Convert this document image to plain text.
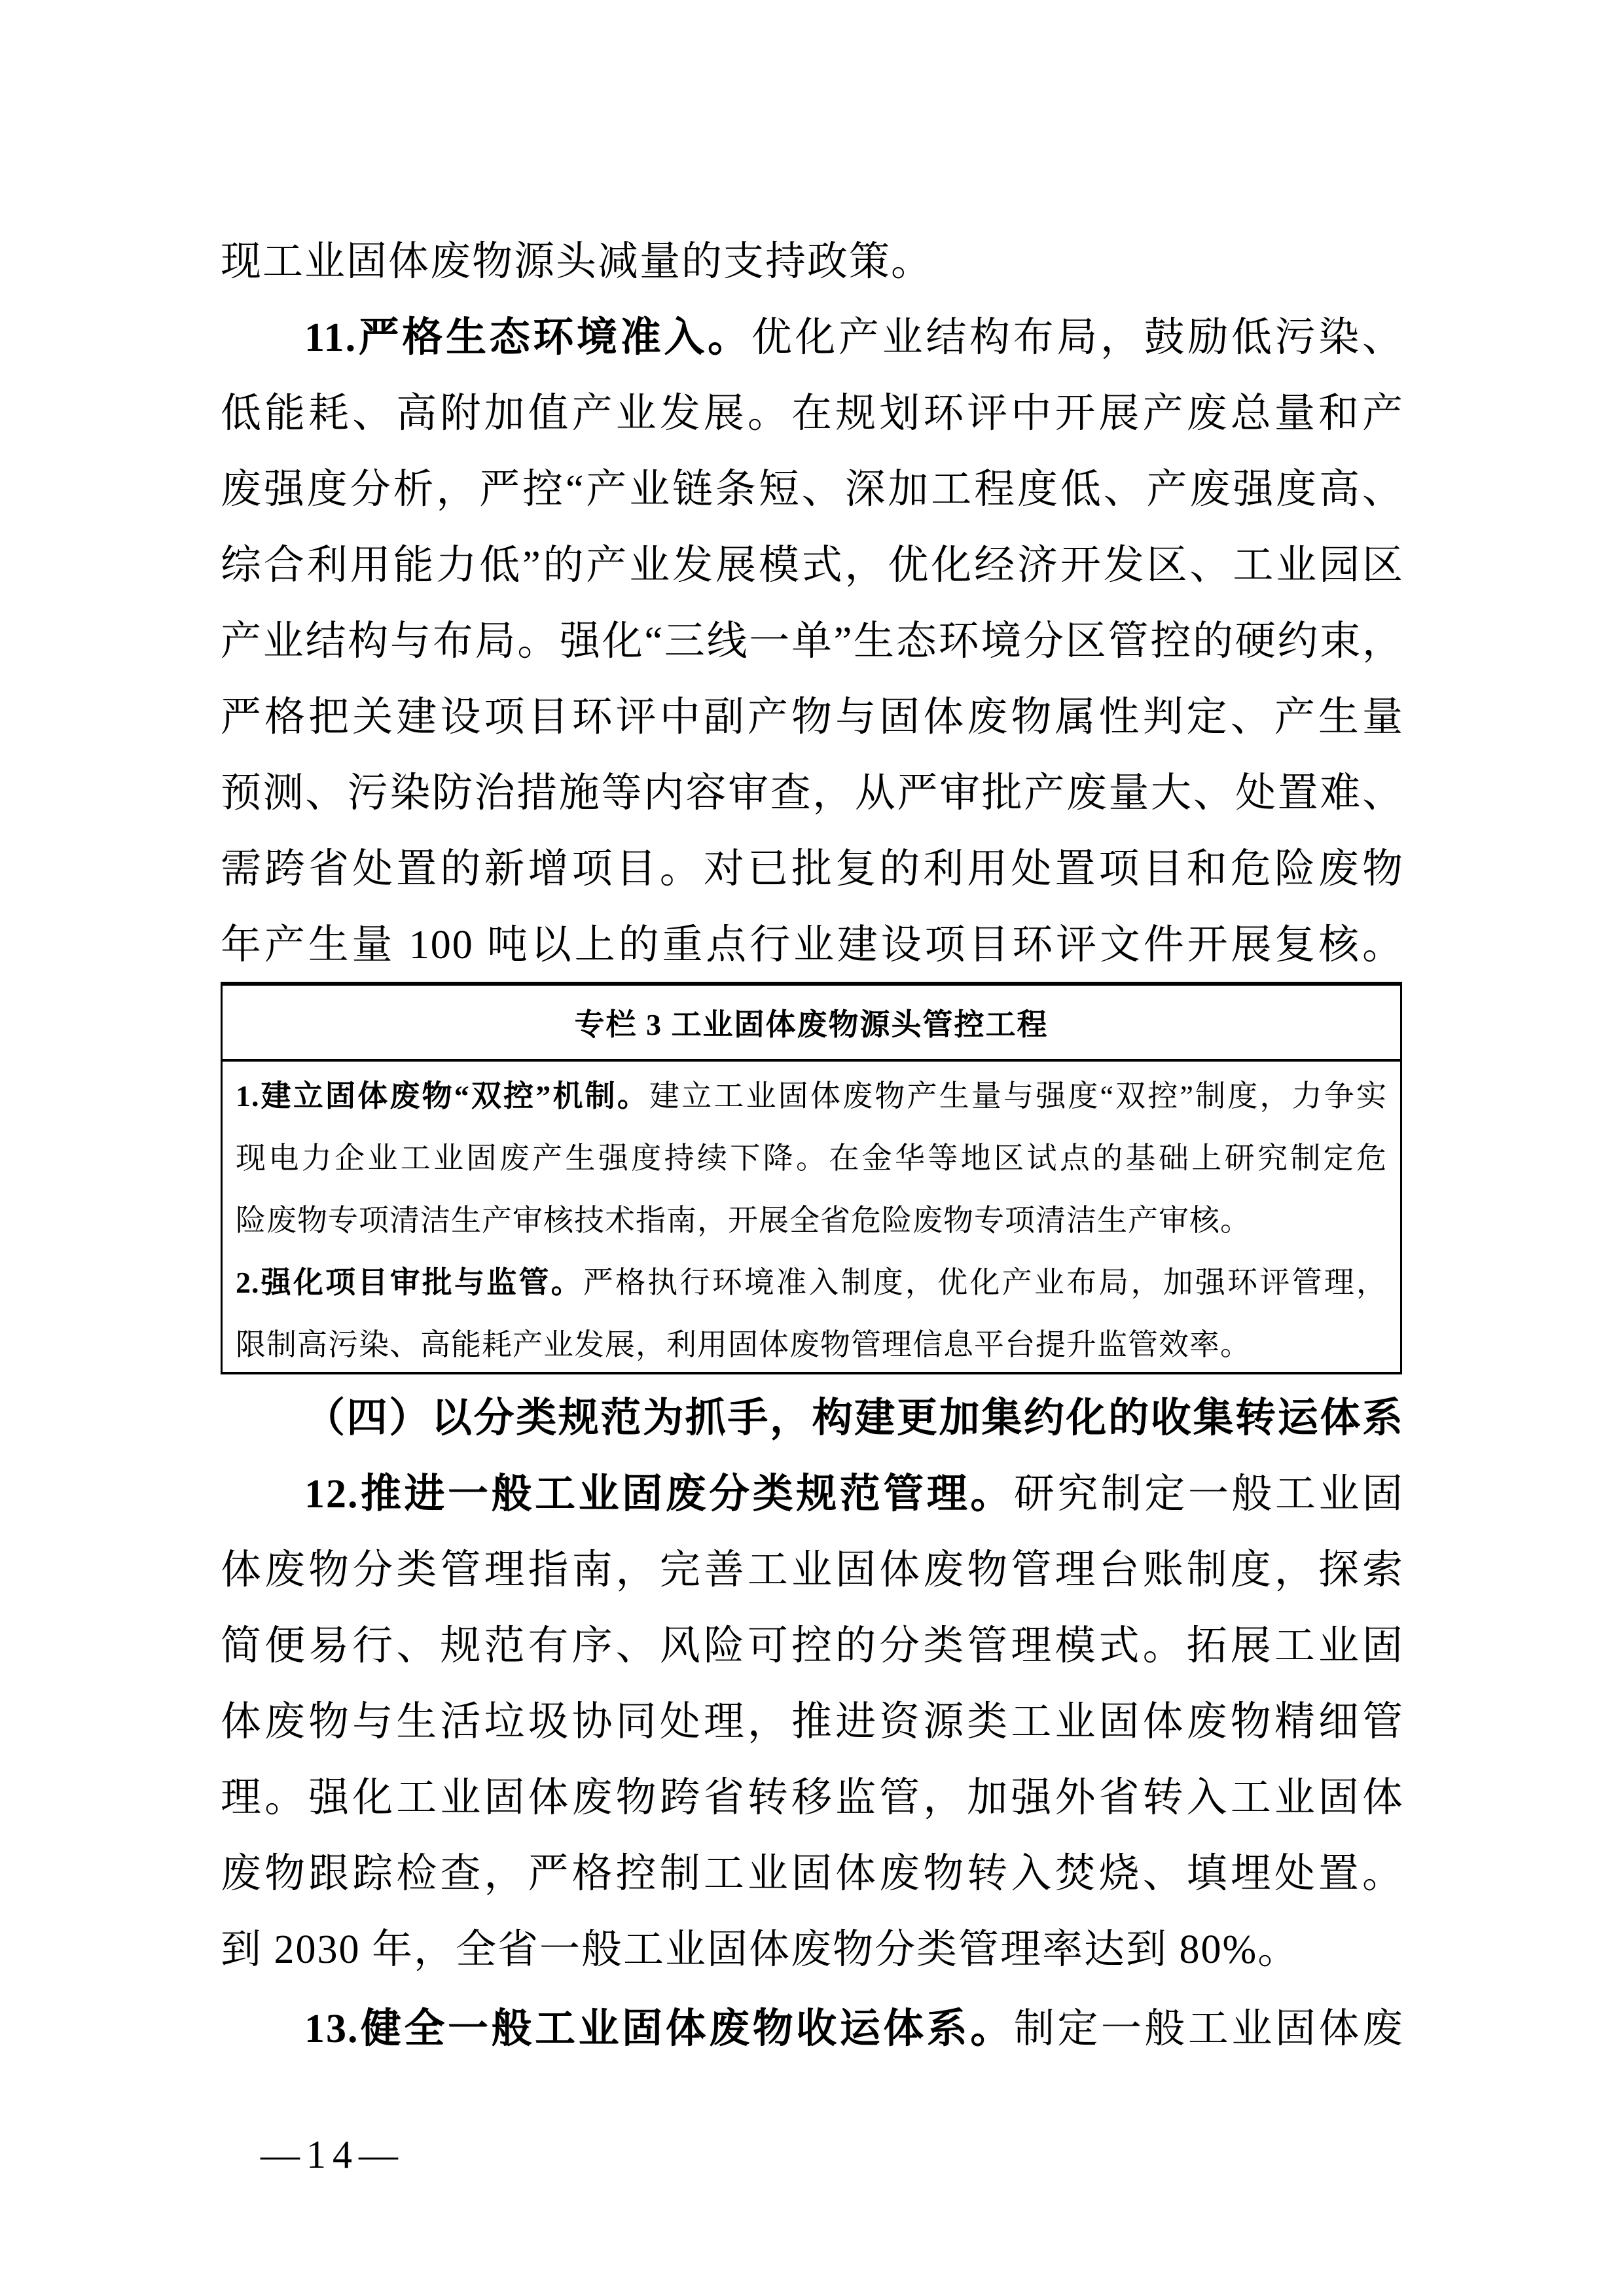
现工业固体废物源头减量的支持政策。
11.严格生态环境准入。优化产业结构布局，鼓励低污染、
低能耗、高附加值产业发展。在规划环评中开展产废总量和产
废强度分析，严控“产业链条短、深加工程度低、产废强度高、
综合利用能力低”的产业发展模式，优化经济开发区、工业园区
产业结构与布局。强化“三线一单”生态环境分区管控的硬约束，
严格把关建设项目环评中副产物与固体废物属性判定、产生量
预测、污染防治措施等内容审查，从严审批产废量大、处置难、
需跨省处置的新增项目。对已批复的利用处置项目和危险废物
年产生量 100 吨以上的重点行业建设项目环评文件开展复核。
专栏 3 工业固体废物源头管控工程
1.建立固体废物“双控”机制。建立工业固体废物产生量与强度“双控”制度，力争实
现电力企业工业固废产生强度持续下降。在金华等地区试点的基础上研究制定危
险废物专项清洁生产审核技术指南，开展全省危险废物专项清洁生产审核。
2.强化项目审批与监管。严格执行环境准入制度，优化产业布局，加强环评管理，
限制高污染、高能耗产业发展，利用固体废物管理信息平台提升监管效率。
（四）以分类规范为抓手，构建更加集约化的收集转运体系
12.推进一般工业固废分类规范管理。研究制定一般工业固
体废物分类管理指南，完善工业固体废物管理台账制度，探索
简便易行、规范有序、风险可控的分类管理模式。拓展工业固
体废物与生活垃圾协同处理，推进资源类工业固体废物精细管
理。强化工业固体废物跨省转移监管，加强外省转入工业固体
废物跟踪检查，严格控制工业固体废物转入焚烧、填埋处置。
到 2030 年，全省一般工业固体废物分类管理率达到 80%。
13.健全一般工业固体废物收运体系。制定一般工业固体废
—14—
